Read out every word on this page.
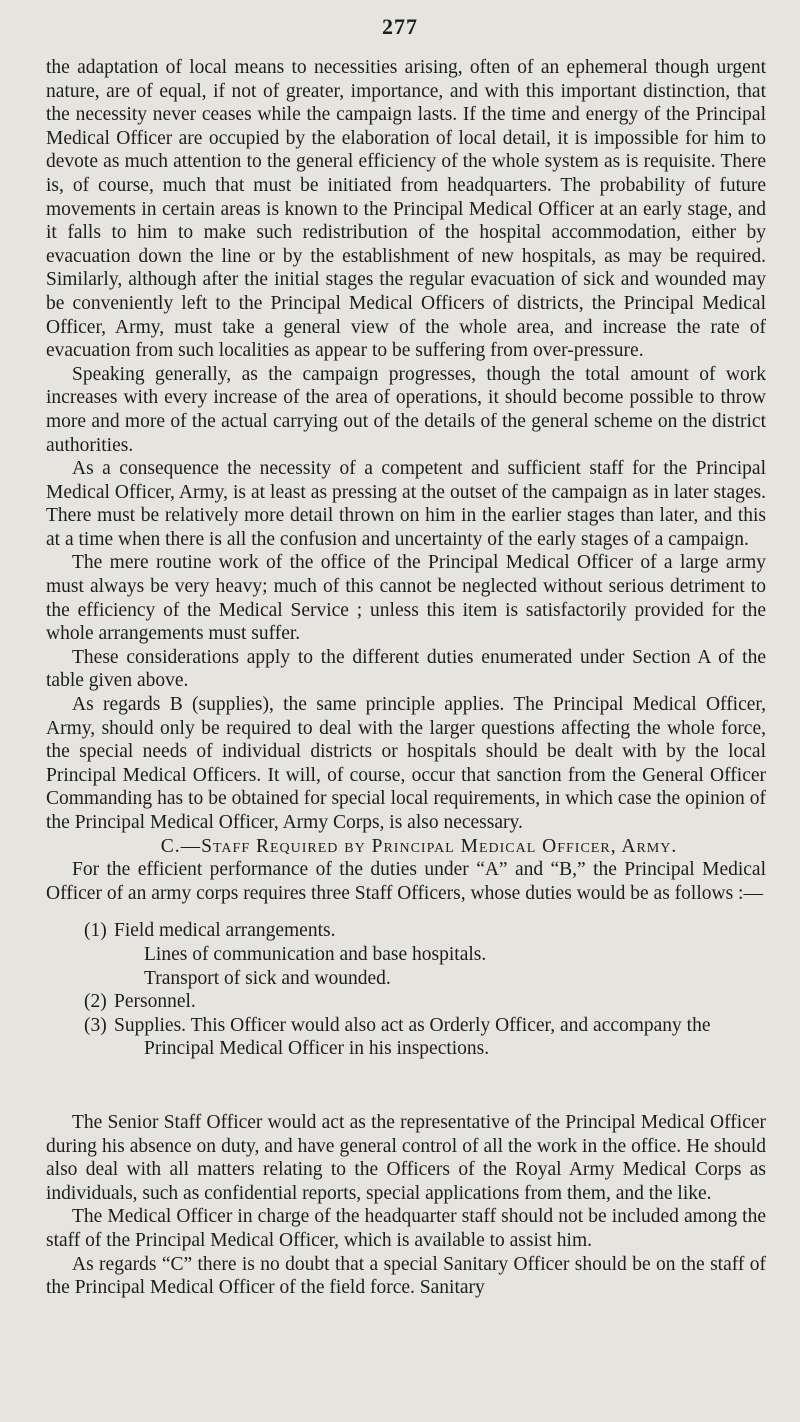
277

the adaptation of local means to necessities arising, often of an ephemeral though urgent nature, are of equal, if not of greater, importance, and with this important distinction, that the necessity never ceases while the campaign lasts. If the time and energy of the Principal Medical Officer are occupied by the elaboration of local detail, it is impossible for him to devote as much attention to the general efficiency of the whole system as is requisite. There is, of course, much that must be initiated from headquarters. The probability of future movements in certain areas is known to the Principal Medical Officer at an early stage, and it falls to him to make such redistribution of the hospital accommodation, either by evacuation down the line or by the establishment of new hospitals, as may be required. Similarly, although after the initial stages the regular evacuation of sick and wounded may be conveniently left to the Principal Medical Officers of districts, the Principal Medical Officer, Army, must take a general view of the whole area, and increase the rate of evacuation from such localities as appear to be suffering from over-pressure.

Speaking generally, as the campaign progresses, though the total amount of work increases with every increase of the area of operations, it should become possible to throw more and more of the actual carrying out of the details of the general scheme on the district authorities.

As a consequence the necessity of a competent and sufficient staff for the Principal Medical Officer, Army, is at least as pressing at the outset of the campaign as in later stages. There must be relatively more detail thrown on him in the earlier stages than later, and this at a time when there is all the confusion and uncertainty of the early stages of a campaign.

The mere routine work of the office of the Principal Medical Officer of a large army must always be very heavy; much of this cannot be neglected without serious detriment to the efficiency of the Medical Service ; unless this item is satisfactorily provided for the whole arrangements must suffer.

These considerations apply to the different duties enumerated under Section A of the table given above.

As regards B (supplies), the same principle applies. The Principal Medical Officer, Army, should only be required to deal with the larger questions affecting the whole force, the special needs of individual districts or hospitals should be dealt with by the local Principal Medical Officers. It will, of course, occur that sanction from the General Officer Commanding has to be obtained for special local requirements, in which case the opinion of the Principal Medical Officer, Army Corps, is also necessary.

C.—Staff Required by Principal Medical Officer, Army.

For the efficient performance of the duties under “A” and “B,” the Principal Medical Officer of an army corps requires three Staff Officers, whose duties would be as follows :—

(1) Field medical arrangements.
Lines of communication and base hospitals.
Transport of sick and wounded.
(2) Personnel.
(3) Supplies. This Officer would also act as Orderly Officer, and accompany the Principal Medical Officer in his inspections.

The Senior Staff Officer would act as the representative of the Principal Medical Officer during his absence on duty, and have general control of all the work in the office. He should also deal with all matters relating to the Officers of the Royal Army Medical Corps as individuals, such as confidential reports, special applications from them, and the like.

The Medical Officer in charge of the headquarter staff should not be included among the staff of the Principal Medical Officer, which is available to assist him.

As regards “C” there is no doubt that a special Sanitary Officer should be on the staff of the Principal Medical Officer of the field force. Sanitary
